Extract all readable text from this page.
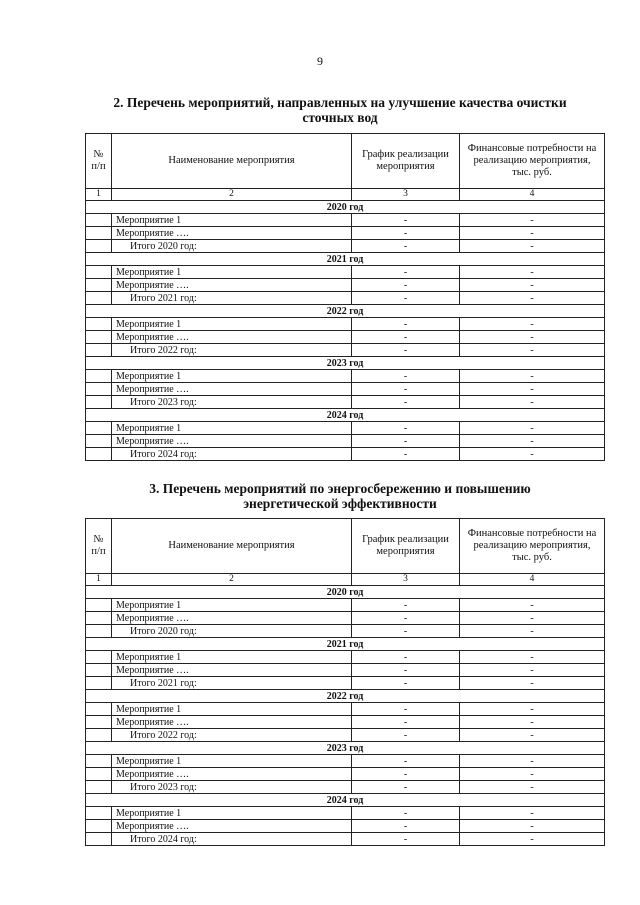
9
2. Перечень мероприятий, направленных на улучшение качества очистки
сточных вод
№ п/п	Наименование мероприятия	График реализации мероприятия	Финансовые потребности на реализацию мероприятия, тыс. руб.
1	2	3	4
2020 год			
	Мероприятие 1	-	-
	Мероприятие ….	-	-
	Итого 2020 год:	-	-
2021 год			
	Мероприятие 1	-	-
	Мероприятие ….	-	-
	Итого 2021 год:	-	-
2022 год			
	Мероприятие 1	-	-
	Мероприятие ….	-	-
	Итого 2022 год:	-	-
2023 год			
	Мероприятие 1	-	-
	Мероприятие ….	-	-
	Итого 2023 год:	-	-
2024 год			
	Мероприятие 1	-	-
	Мероприятие ….	-	-
	Итого 2024 год:	-	-
3. Перечень мероприятий по энергосбережению и повышению
энергетической эффективности
№ п/п	Наименование мероприятия	График реализации мероприятия	Финансовые потребности на реализацию мероприятия, тыс. руб.
1	2	3	4
2020 год			
	Мероприятие 1	-	-
	Мероприятие ….	-	-
	Итого 2020 год:	-	-
2021 год			
	Мероприятие 1	-	-
	Мероприятие ….	-	-
	Итого 2021 год:	-	-
2022 год			
	Мероприятие 1	-	-
	Мероприятие ….	-	-
	Итого 2022 год:	-	-
2023 год			
	Мероприятие 1	-	-
	Мероприятие ….	-	-
	Итого 2023 год:	-	-
2024 год			
	Мероприятие 1	-	-
	Мероприятие ….	-	-
	Итого 2024 год:	-	-
